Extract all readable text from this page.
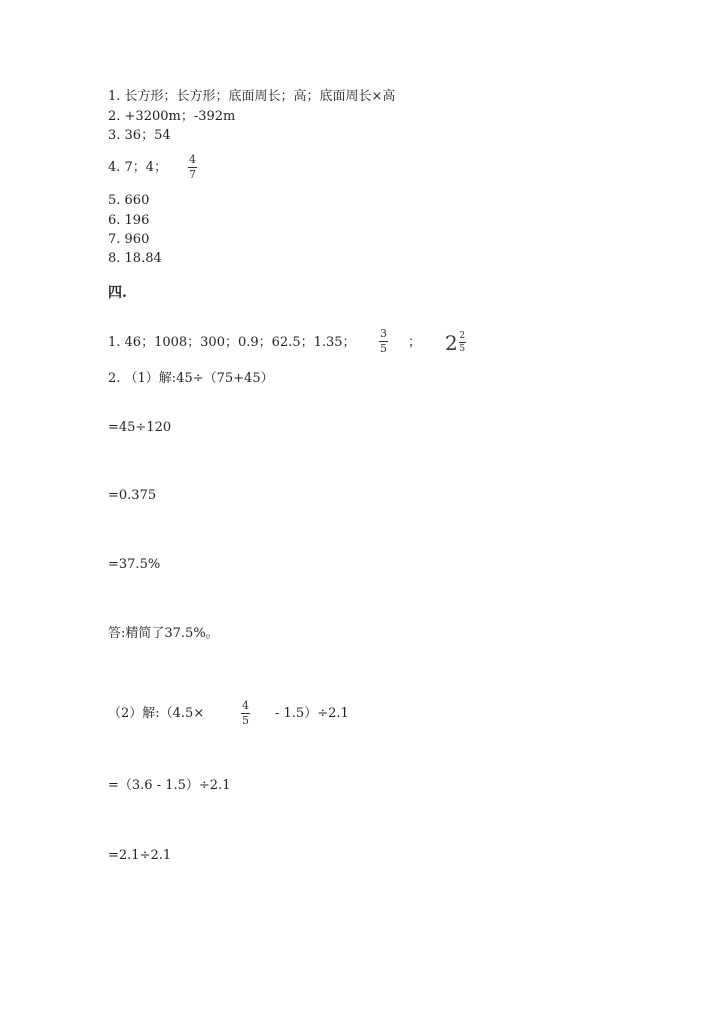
1. 长方形；长方形；底面周长；高；底面周长×高
2. +3200m；-392m
3. 36；54
4. 7；4；
4
7
5. 660
6. 196
7. 960
8. 18.84
四.
1. 46；1008；300；0.9；62.5；1.35；
3
5 ； $2 \frac{2}{5}$
2. （1）解:45÷（75+45）
=45÷120
=0.375
=37.5%
答:精简了37.5%。
（2）解:（4.5×
4
5 - 1.5）÷2.1
=（3.6 - 1.5）÷2.1
=2.1÷2.1
